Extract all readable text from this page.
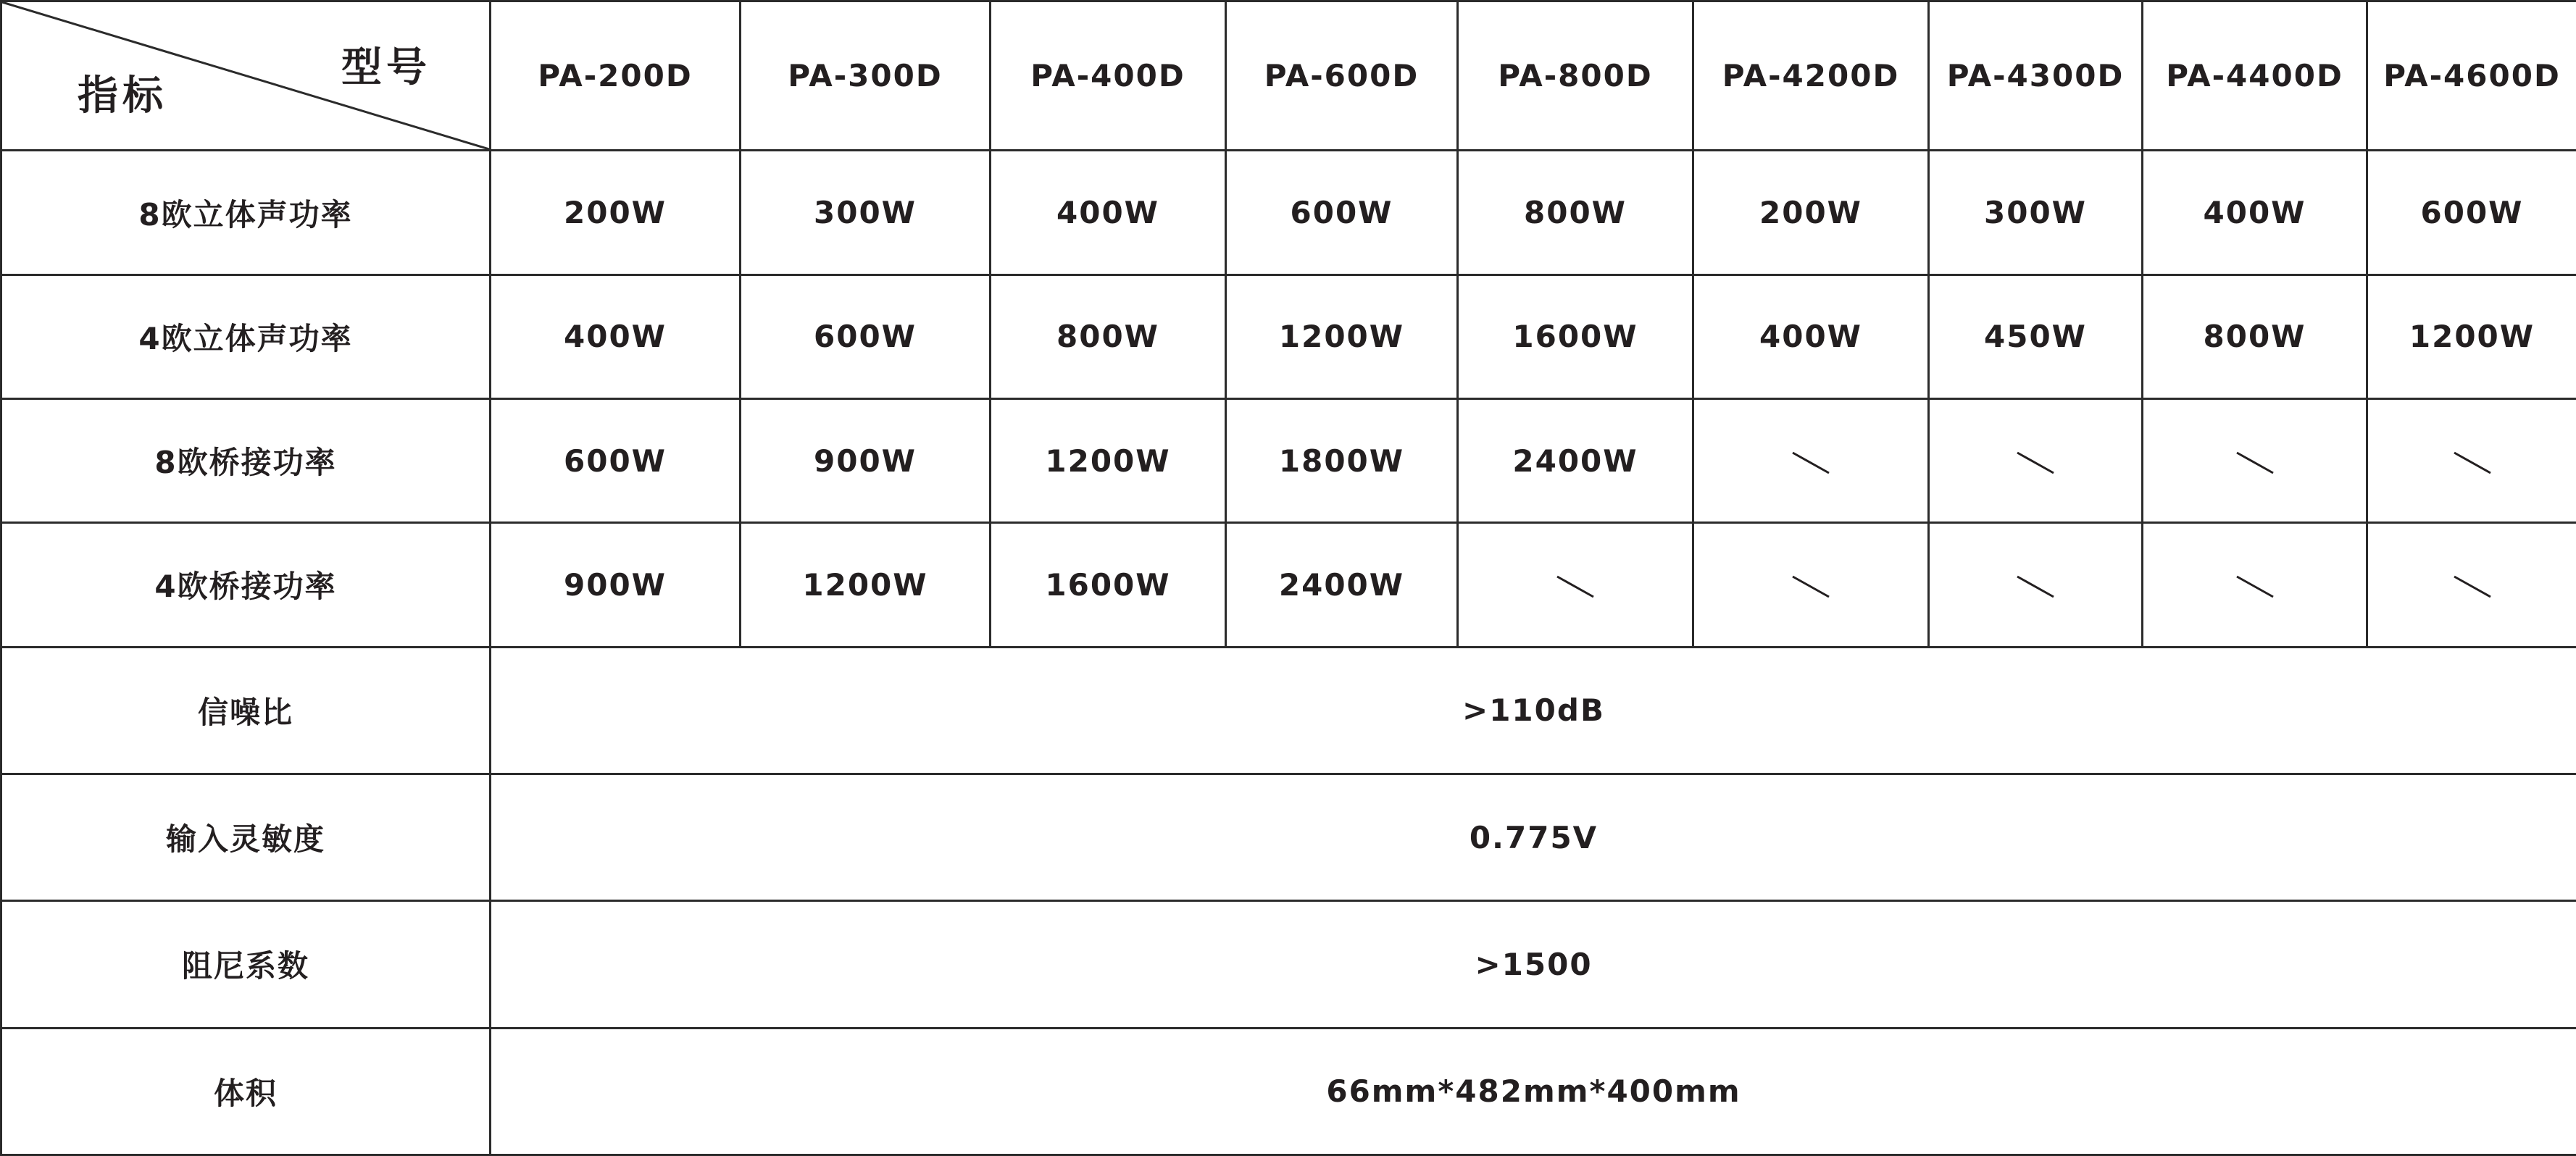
型号
指标	PA-200D	PA-300D	PA-400D	PA-600D	PA-800D	PA-4200D	PA-4300D	PA-4400D	PA-4600D
8欧立体声功率	200W	300W	400W	600W	800W	200W	300W	400W	600W
4欧立体声功率	400W	600W	800W	1200W	1600W	400W	450W	800W	1200W
8欧桥接功率	600W	900W	1200W	1800W	2400W				
4欧桥接功率	900W	1200W	1600W	2400W					
信噪比	>110dB								
输入灵敏度	0.775V								
阻尼系数	>1500								
体积	66mm*482mm*400mm								
